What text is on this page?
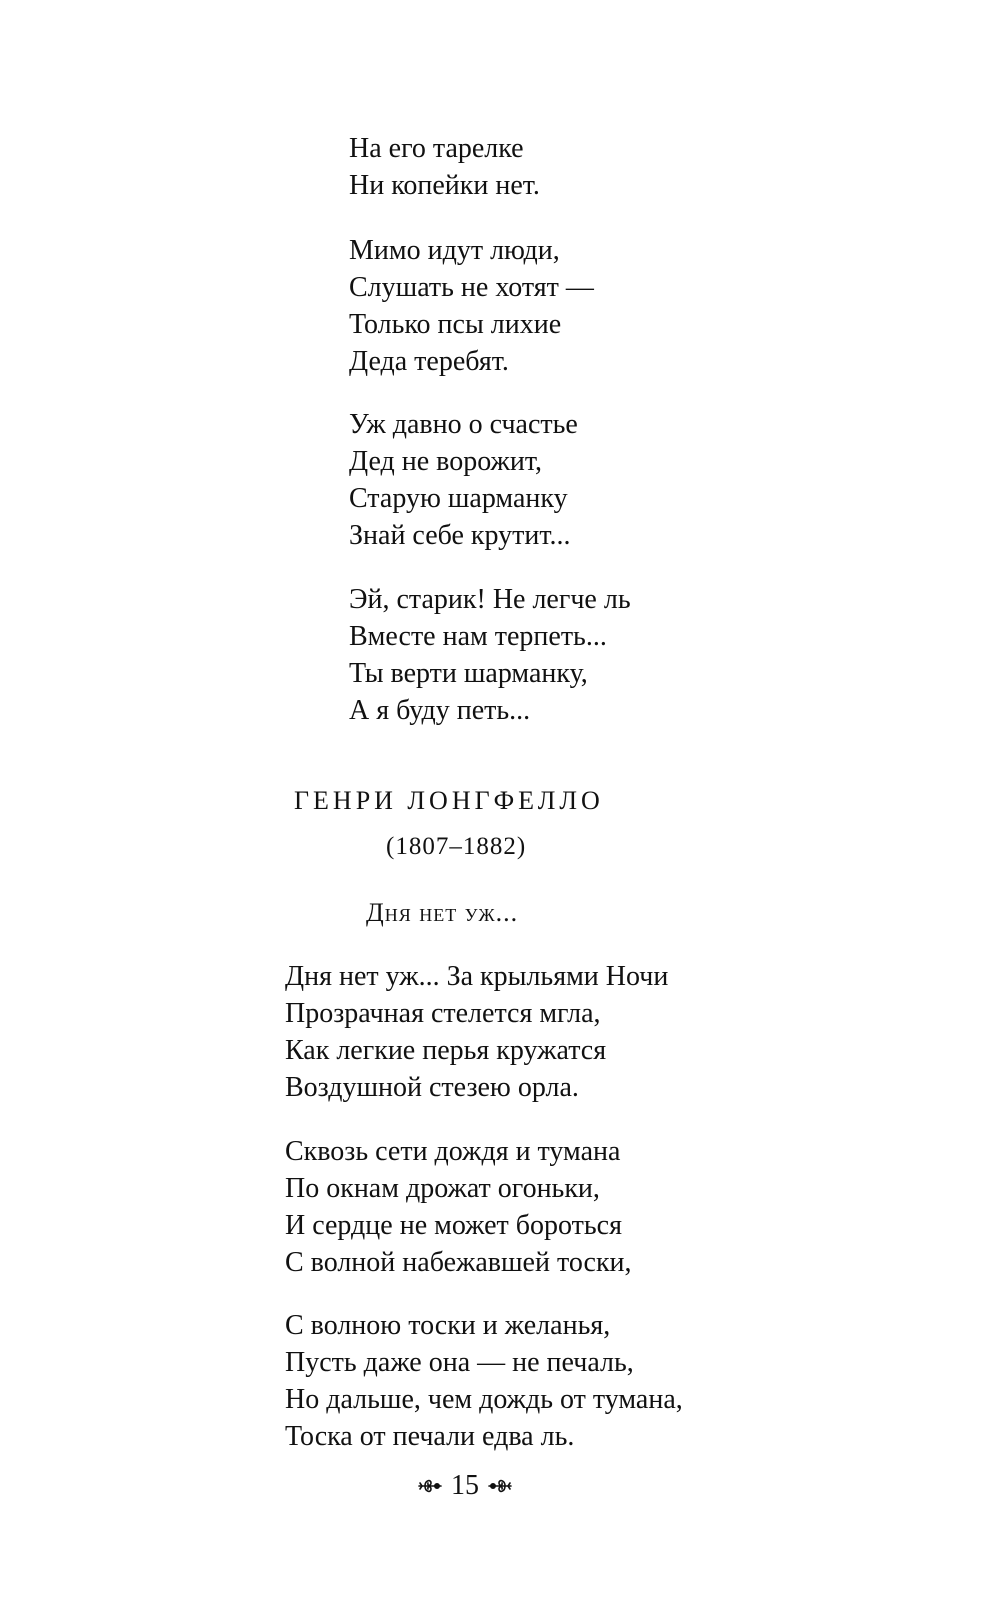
На его тарелке
Ни копейки нет.
Мимо идут люди,
Слушать не хотят —
Только псы лихие
Деда теребят.
Уж давно о счастье
Дед не ворожит,
Старую шарманку
Знай себе крутит...
Эй, старик! Не легче ль
Вместе нам терпеть...
Ты верти шарманку,
А я буду петь...
ГЕНРИ ЛОНГФЕЛЛО
(1807–1882)
Дня нет уж...
Дня нет уж... За крыльями Ночи
Прозрачная стелется мгла,
Как легкие перья кружатся
Воздушной стезею орла.
Сквозь сети дождя и тумана
По окнам дрожат огоньки,
И сердце не может бороться
С волной набежавшей тоски,
С волною тоски и желанья,
Пусть даже она — не печаль,
Но дальше, чем дождь от тумана,
Тоска от печали едва ль.
15
